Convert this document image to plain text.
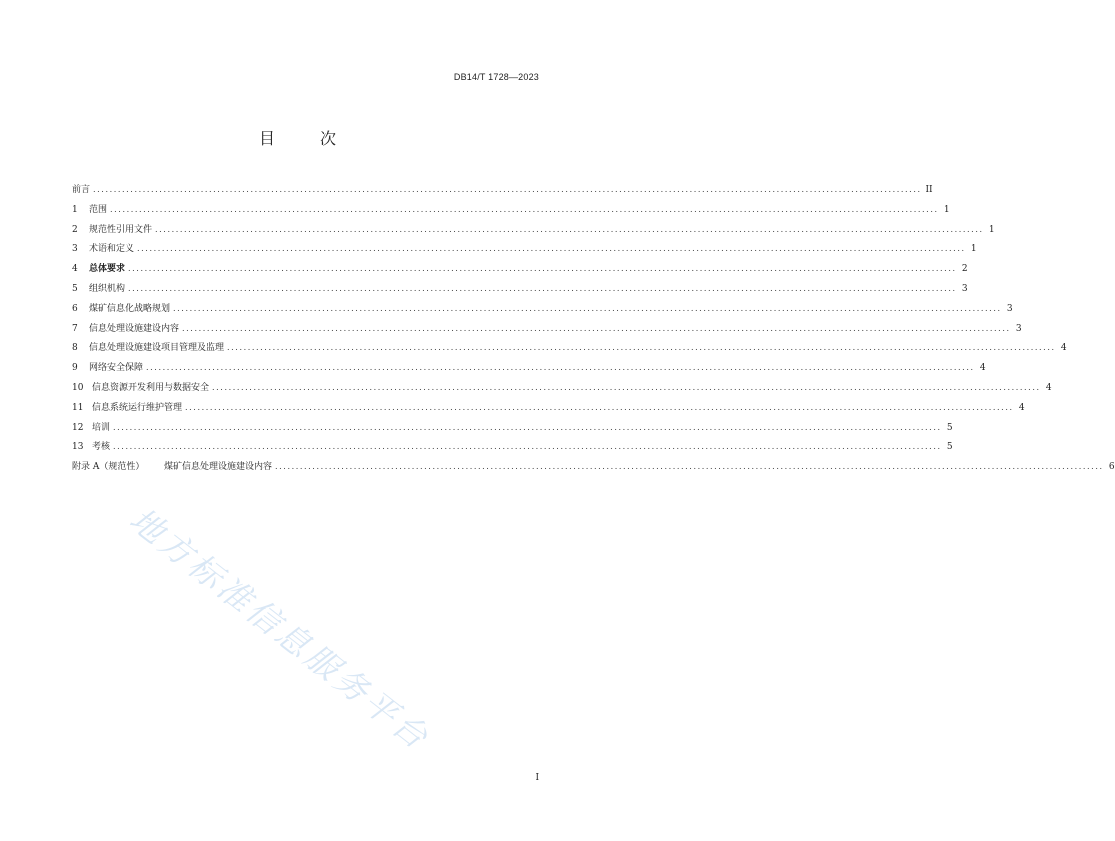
DB14/T 1728—2023
目 次
前言 ........................................................................................................................................................................................................ II
1	范围 ........................................................................................................................................................................................................ 1
2	规范性引用文件 ........................................................................................................................................................................................................ 1
3	术语和定义 ........................................................................................................................................................................................................ 1
4	总体要求 ........................................................................................................................................................................................................ 2
5	组织机构 ........................................................................................................................................................................................................ 3
6	煤矿信息化战略规划 ........................................................................................................................................................................................................ 3
7	信息处理设施建设内容 ........................................................................................................................................................................................................ 3
8	信息处理设施建设项目管理及监理 ........................................................................................................................................................................................................ 4
9	网络安全保障 ........................................................................................................................................................................................................ 4
10 信息资源开发利用与数据安全 ........................................................................................................................................................................................................ 4
11 信息系统运行维护管理 ........................................................................................................................................................................................................ 4
12 培训 ........................................................................................................................................................................................................ 5
13 考核 ........................................................................................................................................................................................................ 5
附录 A（规范性）	煤矿信息处理设施建设内容 ........................................................................................................................................................................................................ 6
地方标准信息服务平台
I
